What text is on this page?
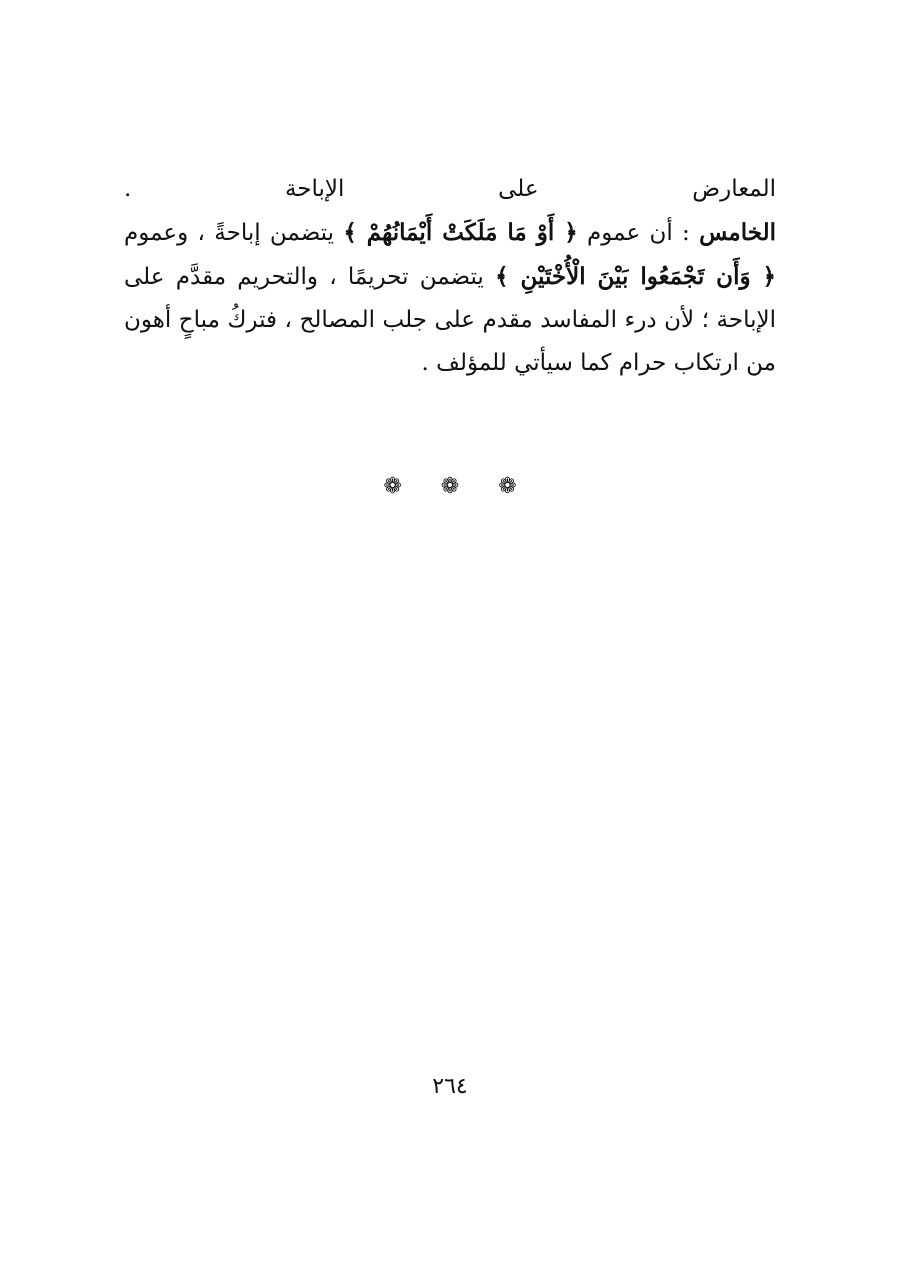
المعارض على الإباحة .
الخامس : أن عموم ﴿ أَوْ مَا مَلَكَتْ أَيْمَانُهُمْ ﴾ يتضمن إباحةً ، وعموم
﴿ وَأَن تَجْمَعُوا بَيْنَ الْأُخْتَيْنِ ﴾ يتضمن تحريمًا ، والتحريم مقدَّم على
الإباحة ؛ لأن درء المفاسد مقدم على جلب المصالح ، فتركُ مباحٍ أهون
من ارتكاب حرام كما سيأتي للمؤلف .
❁ ❁ ❁
٢٦٤
